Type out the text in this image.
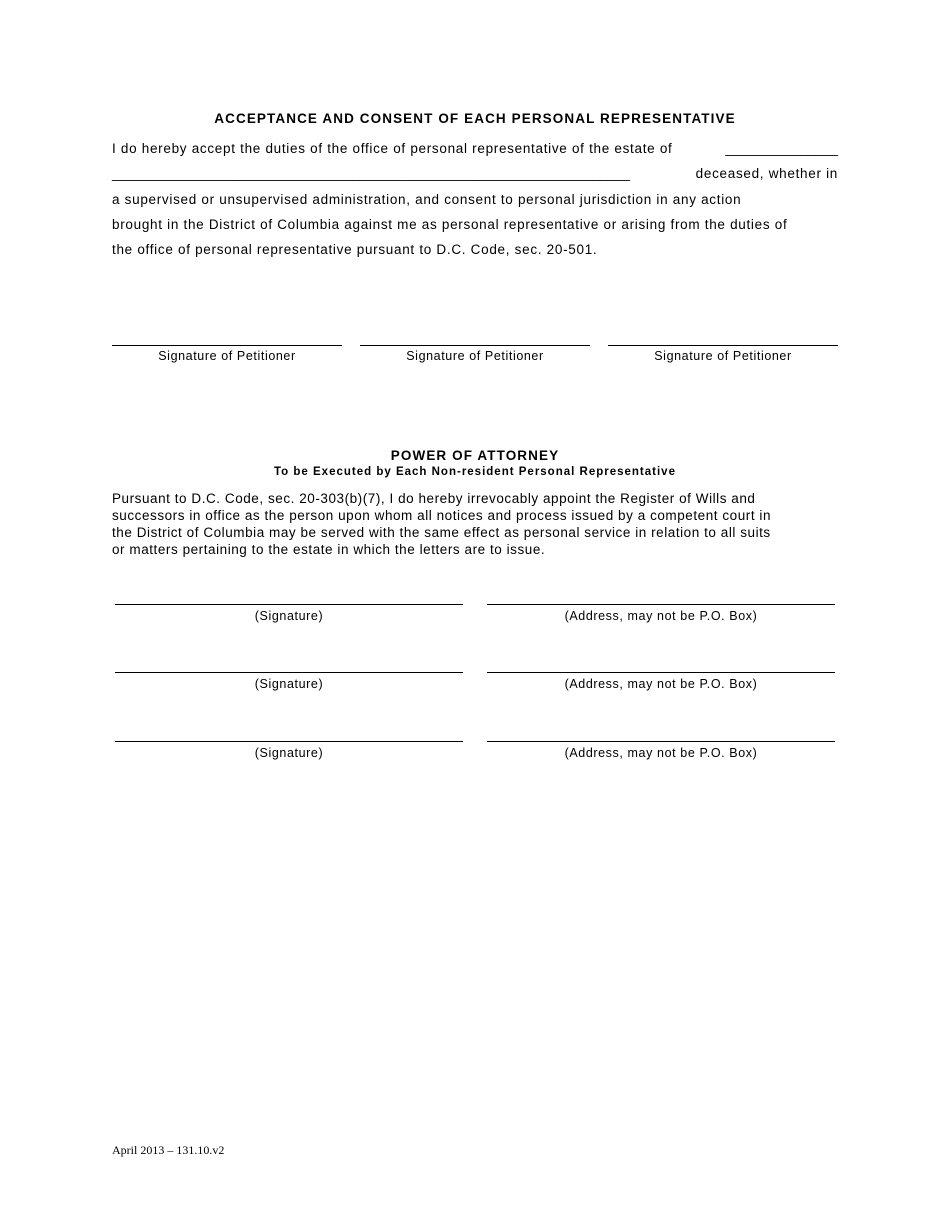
ACCEPTANCE AND CONSENT OF EACH PERSONAL REPRESENTATIVE
I do hereby accept the duties of the office of personal representative of the estate of	_______________
_____________________________________________________________________	deceased, whether in
a supervised or unsupervised administration, and consent to personal jurisdiction in any action
brought in the District of Columbia against me as personal representative or arising from the duties of
the office of personal representative pursuant to D.C. Code, sec. 20-501.
Signature of Petitioner	Signature of Petitioner	Signature of Petitioner
POWER OF ATTORNEY
To be Executed by Each Non-resident Personal Representative
Pursuant to D.C. Code, sec. 20-303(b)(7), I do hereby irrevocably appoint the Register of Wills and
successors in office as the person upon whom all notices and process issued by a competent court in
the District of Columbia may be served with the same effect as personal service in relation to all suits
or matters pertaining to the estate in which the letters are to issue.
(Signature)	(Address, may not be P.O. Box)
(Signature)	(Address, may not be P.O. Box)
(Signature)	(Address, may not be P.O. Box)
April 2013 – 131.10.v2
